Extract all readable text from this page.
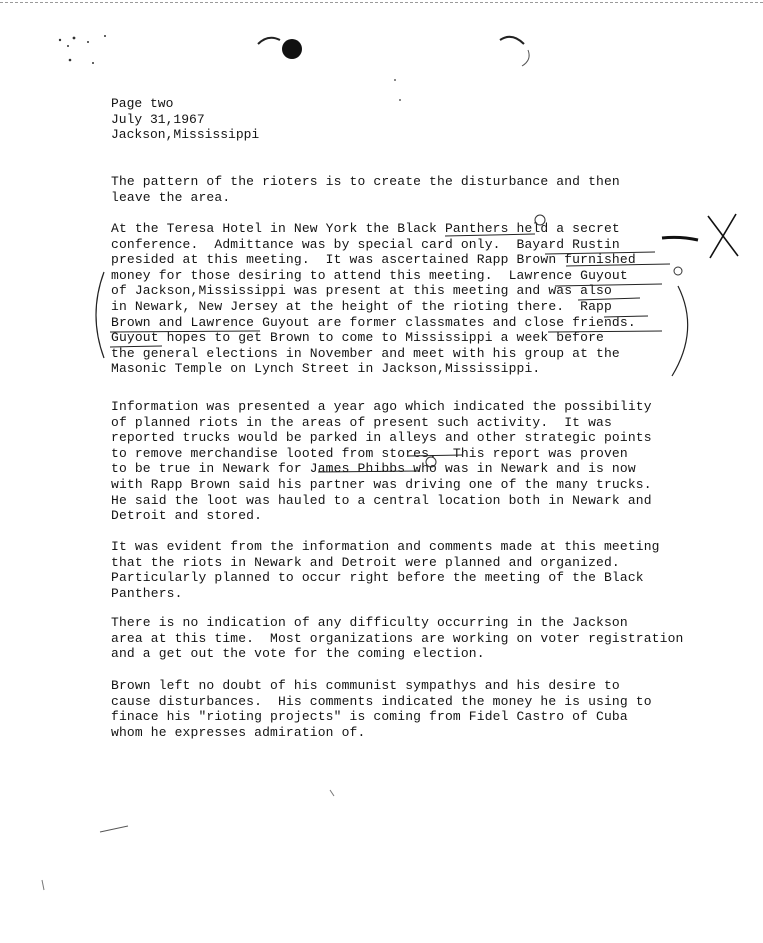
Page two
July 31,1967
Jackson,Mississippi

The pattern of the rioters is to create the disturbance and then
leave the area.

At the Teresa Hotel in New York the Black Panthers held a secret
conference.  Admittance was by special card only.  Bayard Rustin
presided at this meeting.  It was ascertained Rapp Brown furnished
money for those desiring to attend this meeting.  Lawrence Guyout
of Jackson,Mississippi was present at this meeting and was also
in Newark, New Jersey at the height of the rioting there.  Rapp
Brown and Lawrence Guyout are former classmates and close friends.
Guyout hopes to get Brown to come to Mississippi a week before
the general elections in November and meet with his group at the
Masonic Temple on Lynch Street in Jackson,Mississippi.

Information was presented a year ago which indicated the possibility
of planned riots in the areas of present such activity.  It was
reported trucks would be parked in alleys and other strategic points
to remove merchandise looted from stores.  This report was proven
to be true in Newark for James Phibbs who was in Newark and is now
with Rapp Brown said his partner was driving one of the many trucks.
He said the loot was hauled to a central location both in Newark and
Detroit and stored.

It was evident from the information and comments made at this meeting
that the riots in Newark and Detroit were planned and organized.
Particularly planned to occur right before the meeting of the Black
Panthers.

There is no indication of any difficulty occurring in the Jackson
area at this time.  Most organizations are working on voter registration
and a get out the vote for the coming election.

Brown left no doubt of his communist sympathys and his desire to
cause disturbances.  His comments indicated the money he is using to
finace his "rioting projects" is coming from Fidel Castro of Cuba
whom he expresses admiration of.
